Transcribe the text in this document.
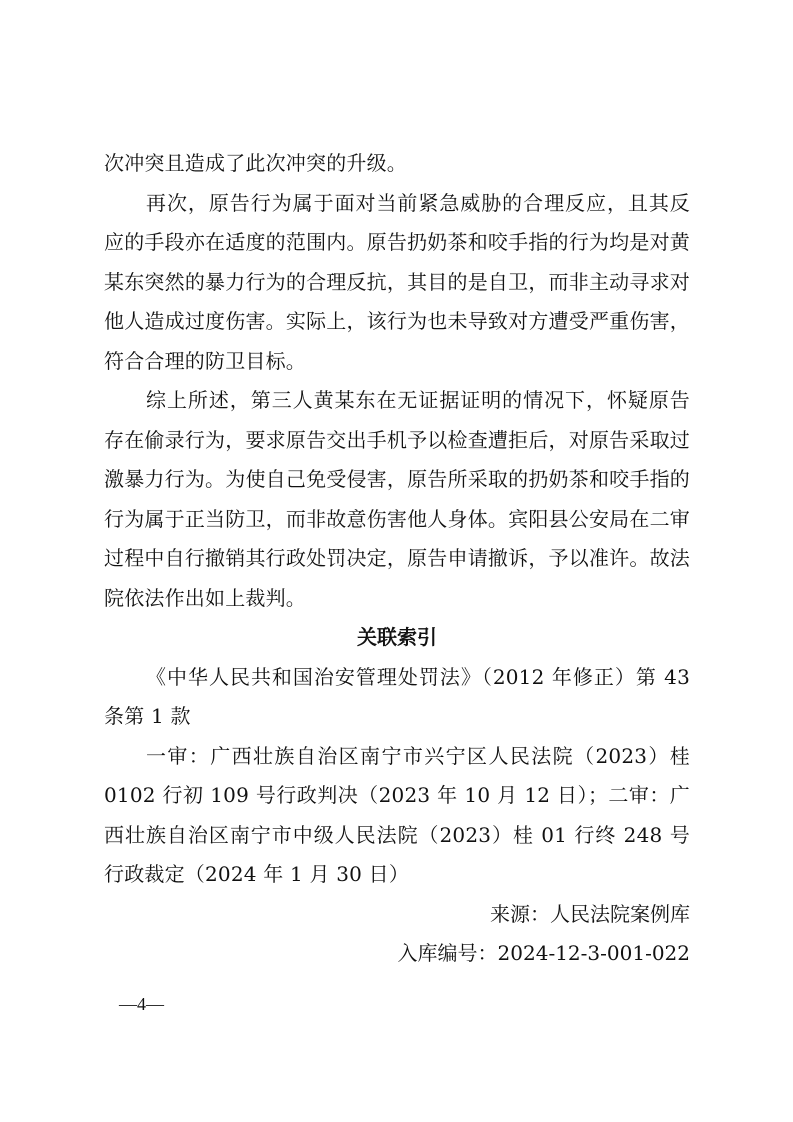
次冲突且造成了此次冲突的升级。

再次，原告行为属于面对当前紧急威胁的合理反应，且其反应的手段亦在适度的范围内。原告扔奶茶和咬手指的行为均是对黄某东突然的暴力行为的合理反抗，其目的是自卫，而非主动寻求对他人造成过度伤害。实际上，该行为也未导致对方遭受严重伤害，符合合理的防卫目标。

综上所述，第三人黄某东在无证据证明的情况下，怀疑原告存在偷录行为，要求原告交出手机予以检查遭拒后，对原告采取过激暴力行为。为使自己免受侵害，原告所采取的扔奶茶和咬手指的行为属于正当防卫，而非故意伤害他人身体。宾阳县公安局在二审过程中自行撤销其行政处罚决定，原告申请撤诉，予以准许。故法院依法作出如上裁判。

关联索引

《中华人民共和国治安管理处罚法》（2012 年修正）第 43 条第 1 款

一审：广西壮族自治区南宁市兴宁区人民法院（2023）桂 0102 行初 109 号行政判决（2023 年 10 月 12 日）；二审：广西壮族自治区南宁市中级人民法院（2023）桂 01 行终 248 号行政裁定（2024 年 1 月 30 日）

来源：人民法院案例库

入库编号：2024-12-3-001-022

—4—
